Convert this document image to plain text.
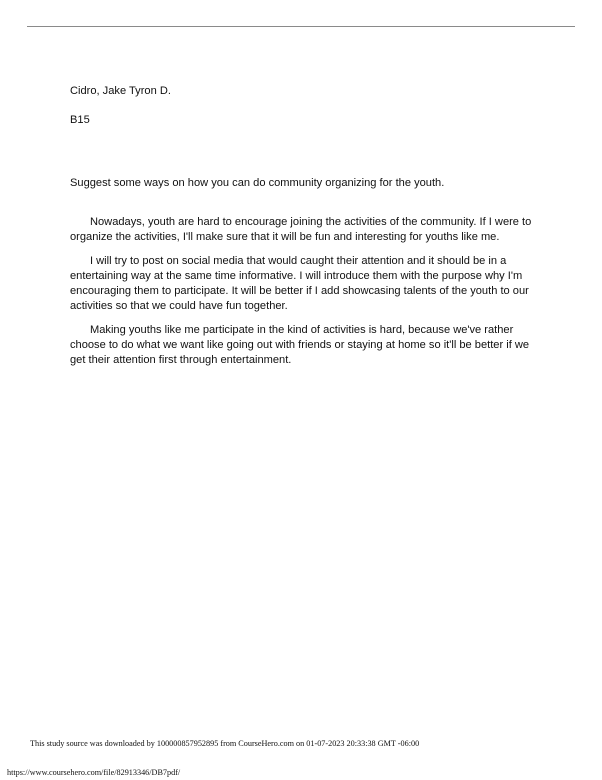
Cidro, Jake Tyron D.

B15

Suggest some ways on how you can do community organizing for the youth.

Nowadays, youth are hard to encourage joining the activities of the community. If I were to organize the activities, I'll make sure that it will be fun and interesting for youths like me.

I will try to post on social media that would caught their attention and it should be in a entertaining way at the same time informative. I will introduce them with the purpose why I'm encouraging them to participate. It will be better if I add showcasing talents of the youth to our activities so that we could have fun together.

Making youths like me participate in the kind of activities is hard, because we've rather choose to do what we want like going out with friends or staying at home so it'll be better if we get their attention first through entertainment.

This study source was downloaded by 100000857952895 from CourseHero.com on 01-07-2023 20:33:38 GMT -06:00
https://www.coursehero.com/file/82913346/DB7pdf/
